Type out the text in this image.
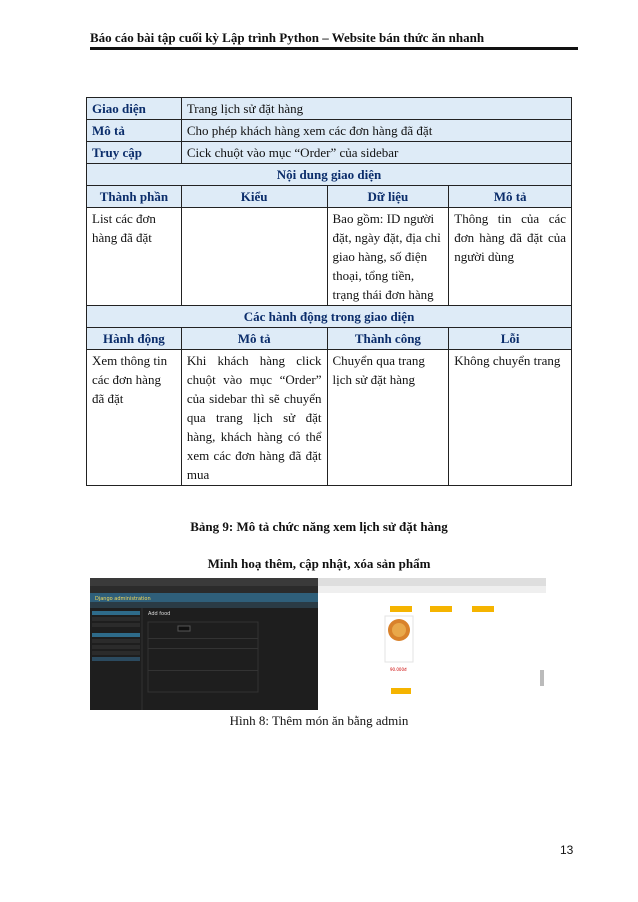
Báo cáo bài tập cuối kỳ Lập trình Python – Website bán thức ăn nhanh
Giao diện	Trang lịch sử đặt hàng		
Mô tả	Cho phép khách hàng xem các đơn hàng đã đặt		
Truy cập	Cick chuột vào mục “Order” của sidebar		
Nội dung giao diện			
Thành phần	Kiểu	Dữ liệu	Mô tả
List các đơn hàng đã đặt		Bao gồm: ID người đặt, ngày đặt, địa chỉ giao hàng, số điện thoại, tổng tiền, trạng thái đơn hàng	Thông tin của các đơn hàng đã đặt của người dùng
Các hành động trong giao diện			
Hành động	Mô tả	Thành công	Lỗi
Xem thông tin các đơn hàng đã đặt	Khi khách hàng click chuột vào mục “Order” của sidebar thì sẽ chuyển qua trang lịch sử đặt hàng, khách hàng có thể xem các đơn hàng đã đặt mua	Chuyển qua trang lịch sử đặt hàng	Không chuyển trang
Bảng 9: Mô tả chức năng xem lịch sử đặt hàng
Minh hoạ thêm, cập nhật, xóa sản phẩm
Django administration
Add food
90.000đ
Hình 8: Thêm món ăn bằng admin
13
